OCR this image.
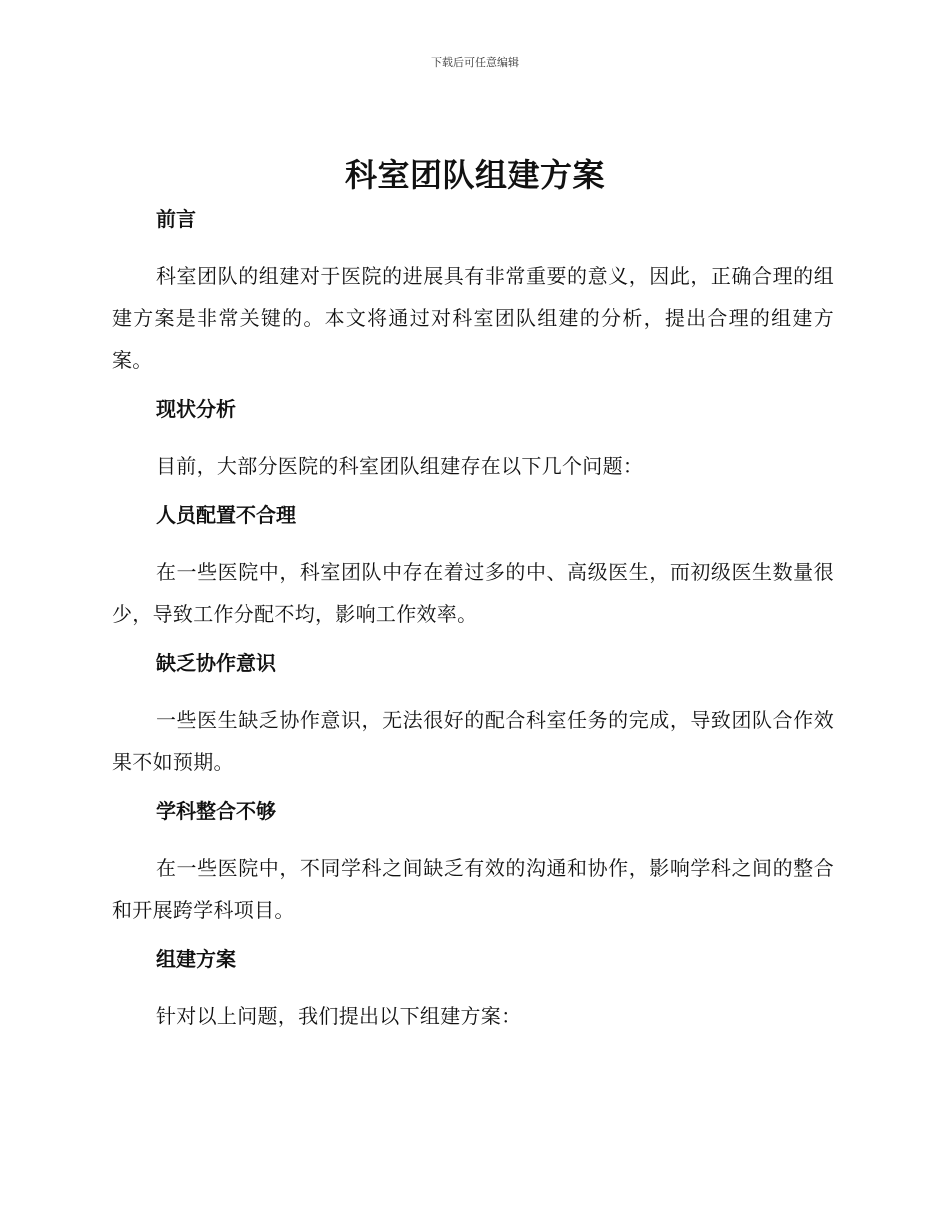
下载后可任意编辑
科室团队组建方案
前言

科室团队的组建对于医院的进展具有非常重要的意义，因此，正确合理的组建方案是非常关键的。本文将通过对科室团队组建的分析，提出合理的组建方案。

现状分析

目前，大部分医院的科室团队组建存在以下几个问题：

人员配置不合理

在一些医院中，科室团队中存在着过多的中、高级医生，而初级医生数量很少，导致工作分配不均，影响工作效率。

缺乏协作意识

一些医生缺乏协作意识，无法很好的配合科室任务的完成，导致团队合作效果不如预期。

学科整合不够

在一些医院中，不同学科之间缺乏有效的沟通和协作，影响学科之间的整合和开展跨学科项目。

组建方案

针对以上问题，我们提出以下组建方案：
